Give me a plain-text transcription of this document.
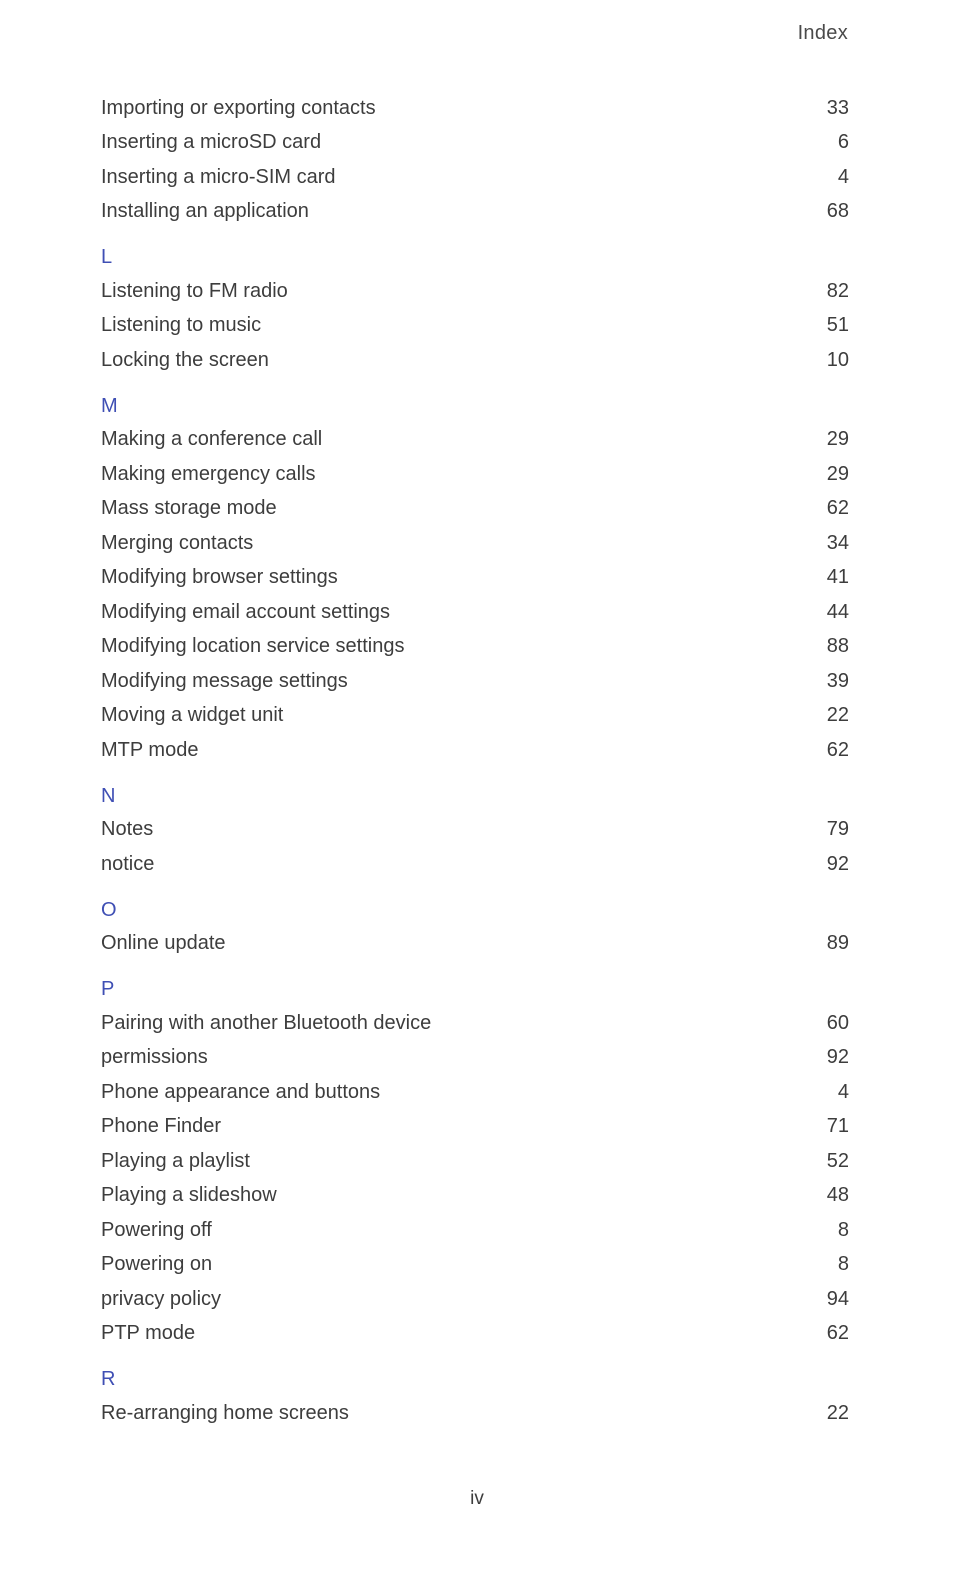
Index
Importing or exporting contacts	33
Inserting a microSD card	6
Inserting a micro-SIM card	4
Installing an application	68
L
Listening to FM radio	82
Listening to music	51
Locking the screen	10
M
Making a conference call	29
Making emergency calls	29
Mass storage mode	62
Merging contacts	34
Modifying browser settings	41
Modifying email account settings	44
Modifying location service settings	88
Modifying message settings	39
Moving a widget unit	22
MTP mode	62
N
Notes	79
notice	92
O
Online update	89
P
Pairing with another Bluetooth device	60
permissions	92
Phone appearance and buttons	4
Phone Finder	71
Playing a playlist	52
Playing a slideshow	48
Powering off	8
Powering on	8
privacy policy	94
PTP mode	62
R
Re-arranging home screens	22
iv
